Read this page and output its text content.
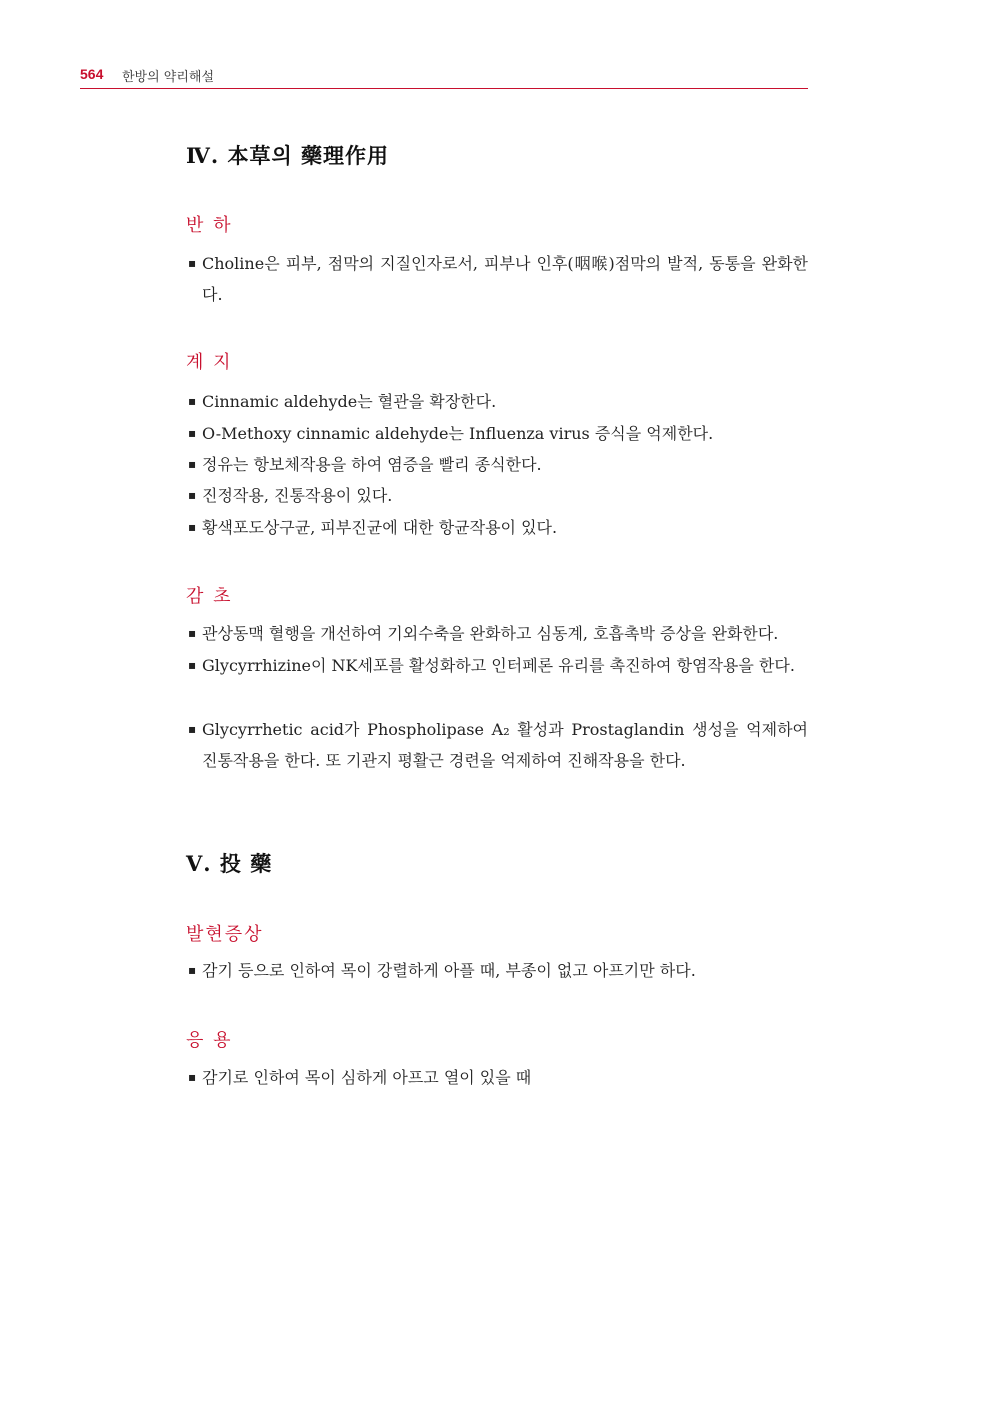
564 한방의 약리해설
Ⅳ. 本草의 藥理作用
반 하
▪ Choline은 피부, 점막의 지질인자로서, 피부나 인후(咽喉)점막의 발적, 동통을 완화한다.
계 지
▪ Cinnamic aldehyde는 혈관을 확장한다.
▪ O-Methoxy cinnamic aldehyde는 Influenza virus 증식을 억제한다.
▪ 정유는 항보체작용을 하여 염증을 빨리 종식한다.
▪ 진정작용, 진통작용이 있다.
▪ 황색포도상구균, 피부진균에 대한 항균작용이 있다.
감 초
▪ 관상동맥 혈행을 개선하여 기외수축을 완화하고 심동계, 호흡촉박 증상을 완화한다.
▪ Glycyrrhizine이 NK세포를 활성화하고 인터페론 유리를 촉진하여 항염작용을 한다.
▪ Glycyrrhetic acid가 Phospholipase A₂ 활성과 Prostaglandin 생성을 억제하여 진통작용을 한다. 또 기관지 평활근 경련을 억제하여 진해작용을 한다.
Ⅴ. 投 藥
발현증상
▪ 감기 등으로 인하여 목이 강렬하게 아플 때, 부종이 없고 아프기만 하다.
응 용
▪ 감기로 인하여 목이 심하게 아프고 열이 있을 때
